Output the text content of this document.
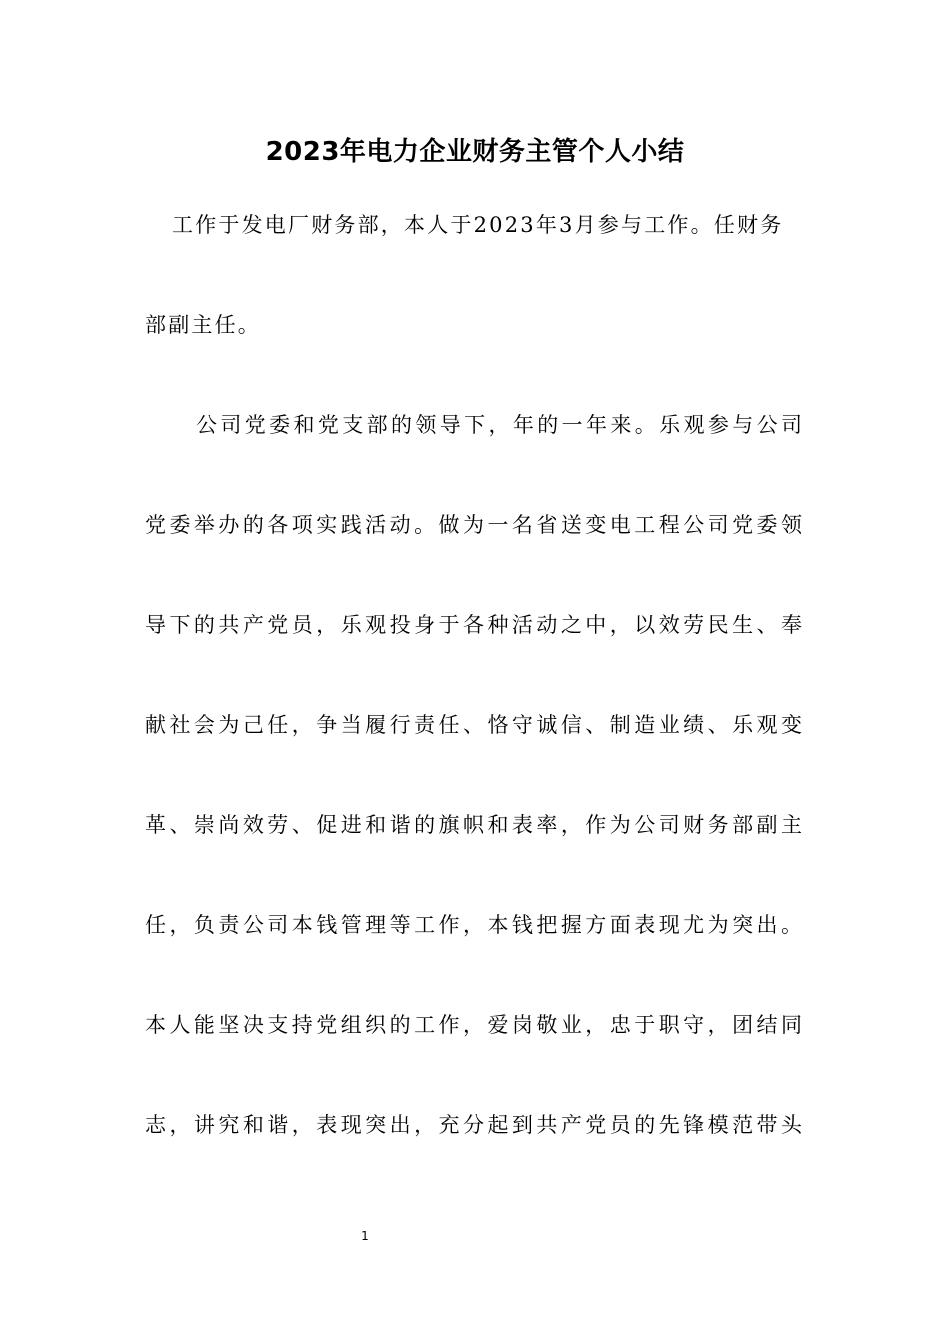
2023年电力企业财务主管个人小结
工作于发电厂财务部，本人于2023年3月参与工作。任财务
部副主任。
公司党委和党支部的领导下，年的一年来。乐观参与公司
党委举办的各项实践活动。做为一名省送变电工程公司党委领
导下的共产党员，乐观投身于各种活动之中，以效劳民生、奉
献社会为己任，争当履行责任、恪守诚信、制造业绩、乐观变
革、崇尚效劳、促进和谐的旗帜和表率，作为公司财务部副主
任，负责公司本钱管理等工作，本钱把握方面表现尤为突出。
本人能坚决支持党组织的工作，爱岗敬业，忠于职守，团结同
志，讲究和谐，表现突出，充分起到共产党员的先锋模范带头
1
